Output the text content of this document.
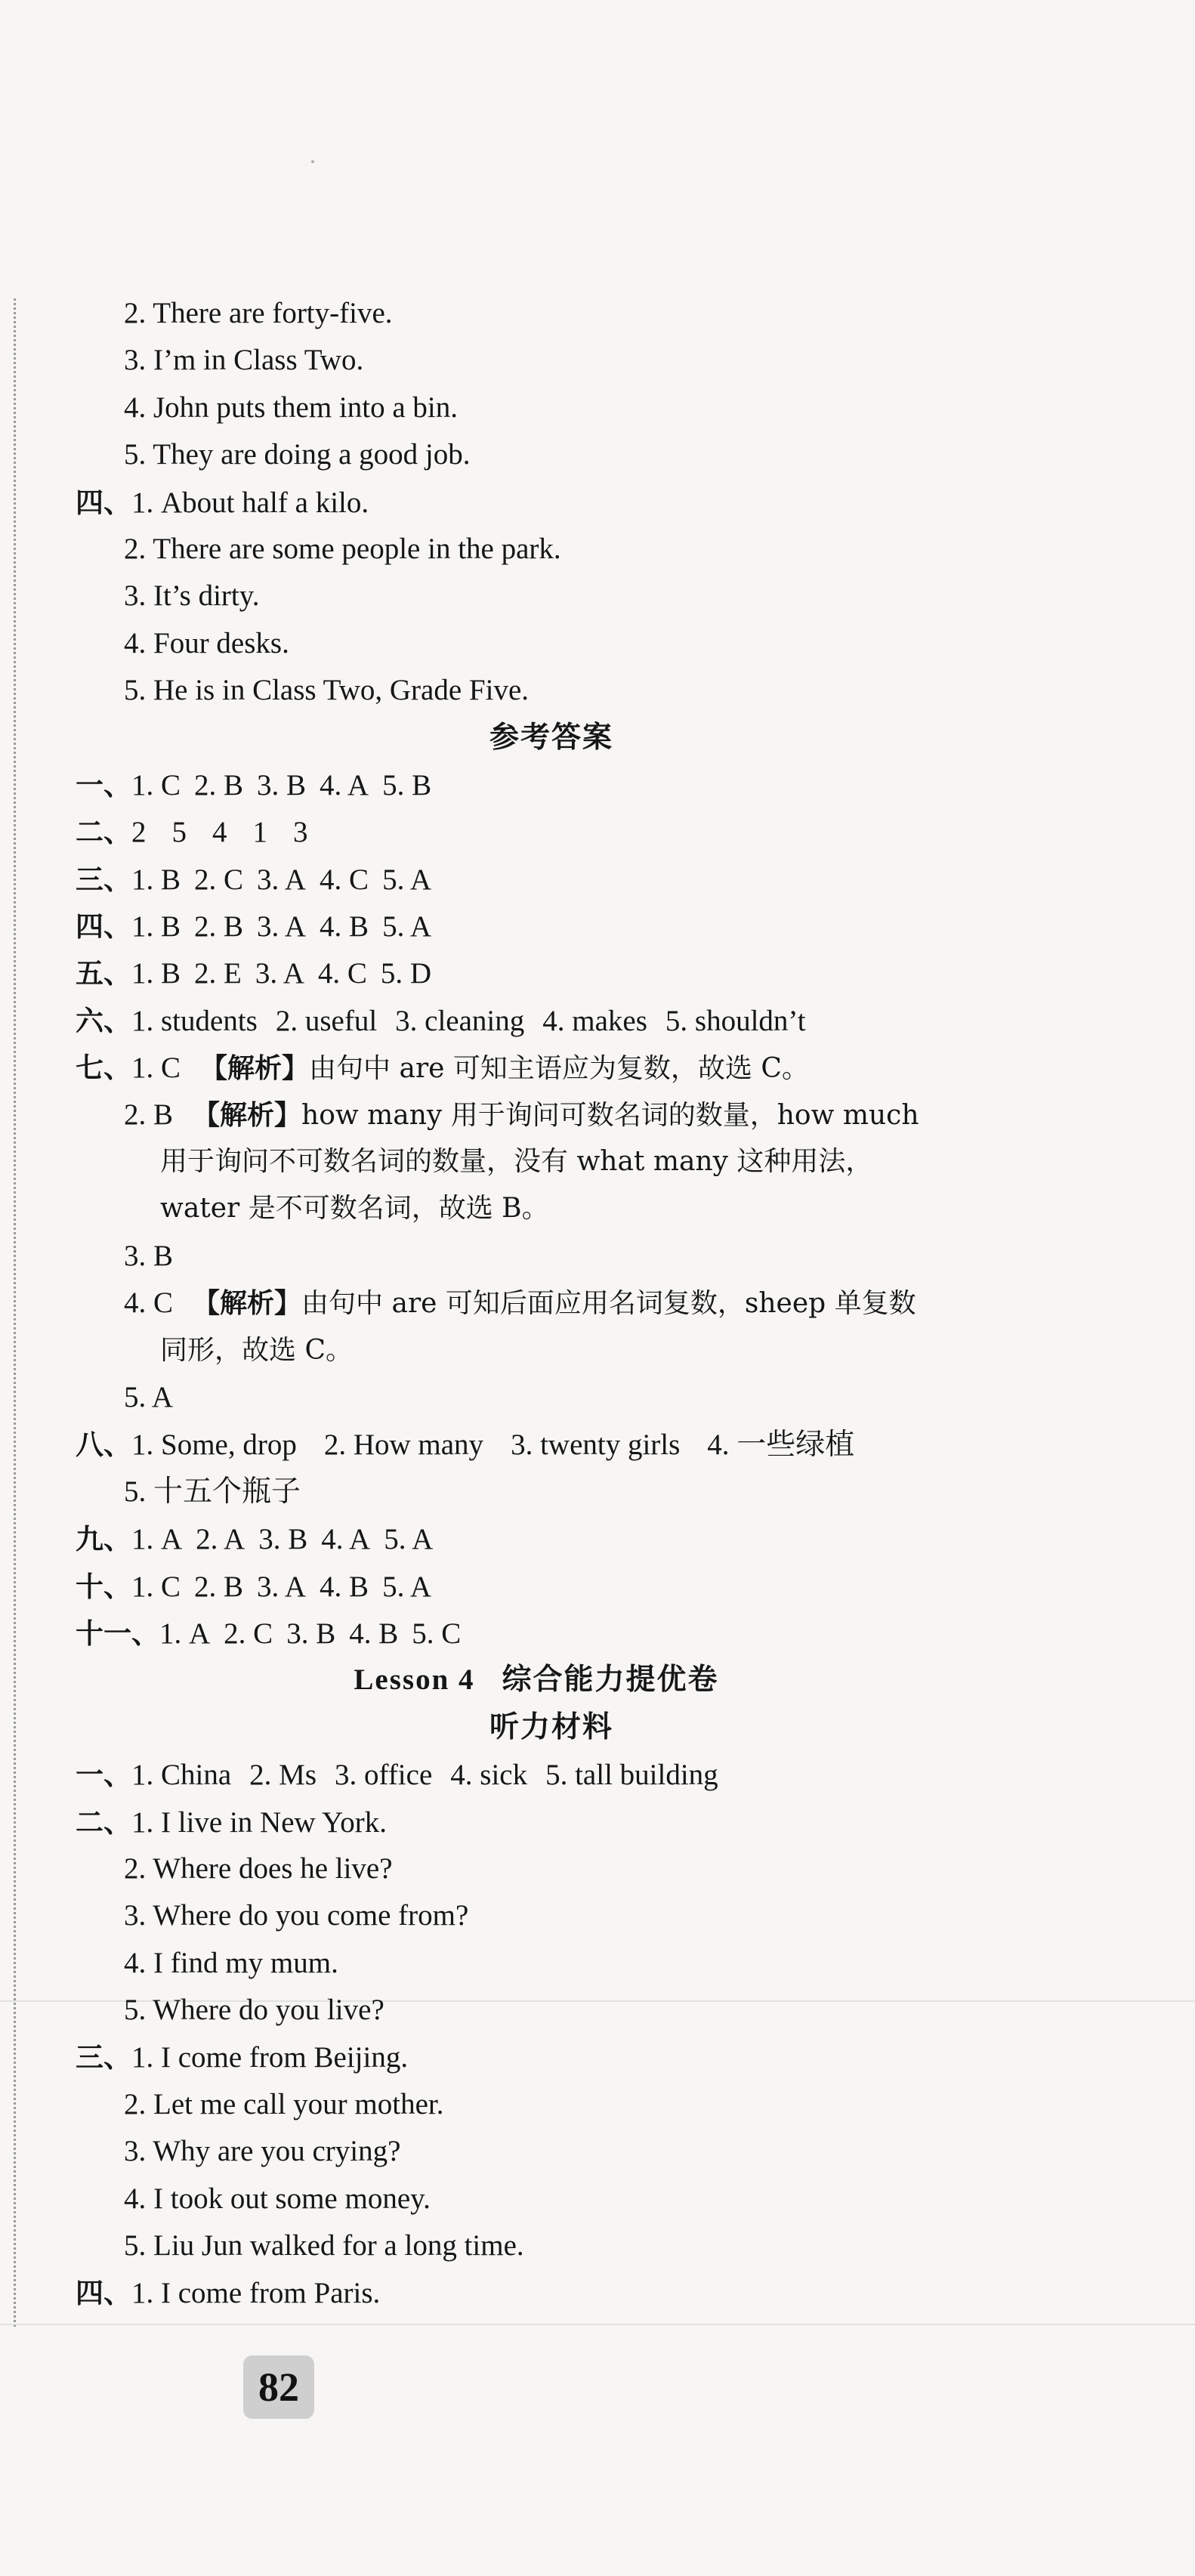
2. There are forty-five.
3. I’m in Class Two.
4. John puts them into a bin.
5. They are doing a good job.
四、1. About half a kilo.
2. There are some people in the park.
3. It’s dirty.
4. Four desks.
5. He is in Class Two, Grade Five.
参考答案
一、1. C 2. B 3. B 4. A 5. B
二、2 5 4 1 3
三、1. B 2. C 3. A 4. C 5. A
四、1. B 2. B 3. A 4. B 5. A
五、1. B 2. E 3. A 4. C 5. D
六、1. students 2. useful 3. cleaning 4. makes 5. shouldn’t
七、1. C 【解析】由句中 are 可知主语应为复数，故选 C。
2. B 【解析】how many 用于询问可数名词的数量，how much
用于询问不可数名词的数量，没有 what many 这种用法，
water 是不可数名词，故选 B。
3. B
4. C 【解析】由句中 are 可知后面应用名词复数，sheep 单复数
同形，故选 C。
5. A
八、1. Some, drop 2. How many 3. twenty girls 4. 一些绿植
5. 十五个瓶子
九、1. A 2. A 3. B 4. A 5. A
十、1. C 2. B 3. A 4. B 5. A
十一、1. A 2. C 3. B 4. B 5. C
Lesson 4 综合能力提优卷
听力材料
一、1. China 2. Ms 3. office 4. sick 5. tall building
二、1. I live in New York.
2. Where does he live?
3. Where do you come from?
4. I find my mum.
5. Where do you live?
三、1. I come from Beijing.
2. Let me call your mother.
3. Why are you crying?
4. I took out some money.
5. Liu Jun walked for a long time.
四、1. I come from Paris.
82
